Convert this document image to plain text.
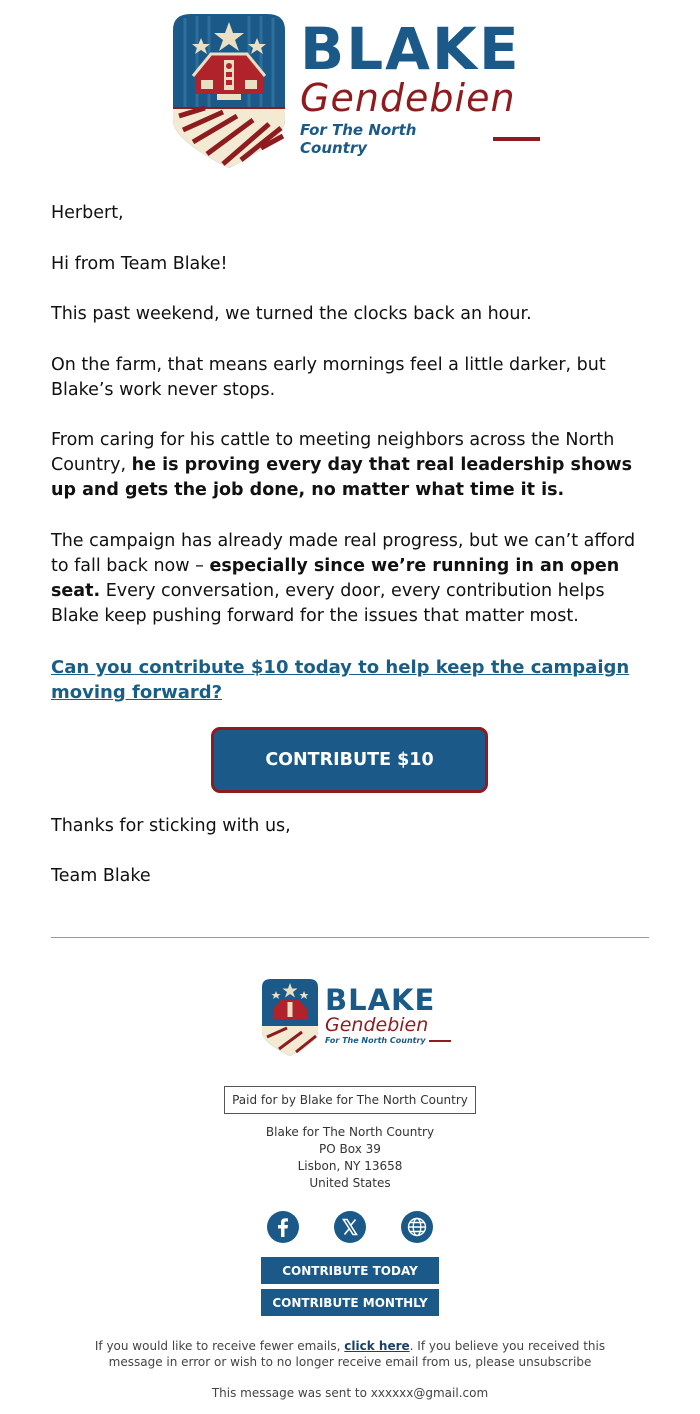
BLAKE
Gendebien
For The North Country
Herbert,
Hi from Team Blake!
This past weekend, we turned the clocks back an hour.
On the farm, that means early mornings feel a little darker, but Blake’s work never stops.
From caring for his cattle to meeting neighbors across the North Country, he is proving every day that real leadership shows up and gets the job done, no matter what time it is.
The campaign has already made real progress, but we can’t afford to fall back now – especially since we’re running in an open seat. Every conversation, every door, every contribution helps Blake keep pushing forward for the issues that matter most.
Can you contribute $10 today to help keep the campaign moving forward?
CONTRIBUTE $10
Thanks for sticking with us,
Team Blake
BLAKE
Gendebien
For The North Country
Paid for by Blake for The North Country
Blake for The North Country
PO Box 39
Lisbon, NY 13658
United States
CONTRIBUTE TODAY
CONTRIBUTE MONTHLY
If you would like to receive fewer emails, click here. If you believe you received this message in error or wish to no longer receive email from us, please unsubscribe
This message was sent to xxxxxx@gmail.com
